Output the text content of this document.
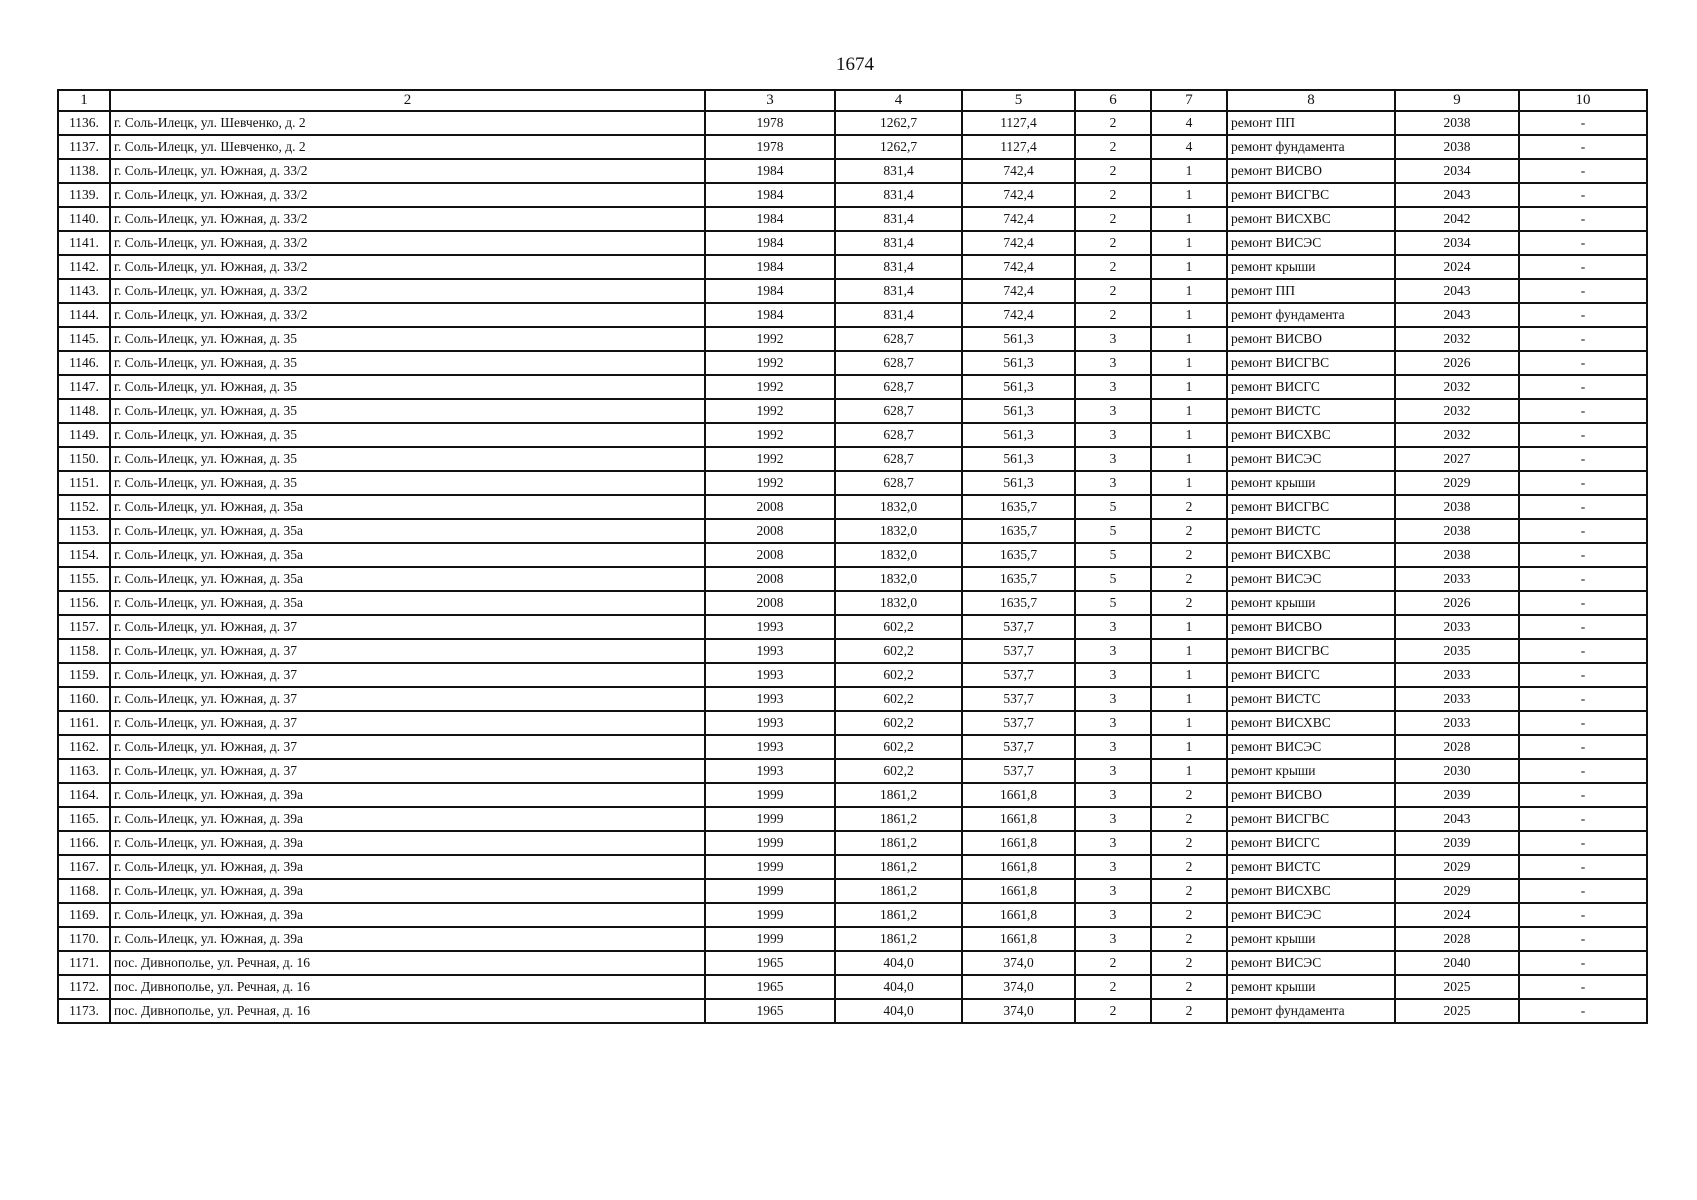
1674
1	2	3	4	5	6	7	8	9	10
1136.	г. Соль-Илецк, ул. Шевченко, д. 2	1978	1262,7	1127,4	2	4	ремонт ПП	2038	-
1137.	г. Соль-Илецк, ул. Шевченко, д. 2	1978	1262,7	1127,4	2	4	ремонт фундамента	2038	-
1138.	г. Соль-Илецк, ул. Южная, д. 33/2	1984	831,4	742,4	2	1	ремонт ВИСВО	2034	-
1139.	г. Соль-Илецк, ул. Южная, д. 33/2	1984	831,4	742,4	2	1	ремонт ВИСГВС	2043	-
1140.	г. Соль-Илецк, ул. Южная, д. 33/2	1984	831,4	742,4	2	1	ремонт ВИСХВС	2042	-
1141.	г. Соль-Илецк, ул. Южная, д. 33/2	1984	831,4	742,4	2	1	ремонт ВИСЭС	2034	-
1142.	г. Соль-Илецк, ул. Южная, д. 33/2	1984	831,4	742,4	2	1	ремонт крыши	2024	-
1143.	г. Соль-Илецк, ул. Южная, д. 33/2	1984	831,4	742,4	2	1	ремонт ПП	2043	-
1144.	г. Соль-Илецк, ул. Южная, д. 33/2	1984	831,4	742,4	2	1	ремонт фундамента	2043	-
1145.	г. Соль-Илецк, ул. Южная, д. 35	1992	628,7	561,3	3	1	ремонт ВИСВО	2032	-
1146.	г. Соль-Илецк, ул. Южная, д. 35	1992	628,7	561,3	3	1	ремонт ВИСГВС	2026	-
1147.	г. Соль-Илецк, ул. Южная, д. 35	1992	628,7	561,3	3	1	ремонт ВИСГС	2032	-
1148.	г. Соль-Илецк, ул. Южная, д. 35	1992	628,7	561,3	3	1	ремонт ВИСТС	2032	-
1149.	г. Соль-Илецк, ул. Южная, д. 35	1992	628,7	561,3	3	1	ремонт ВИСХВС	2032	-
1150.	г. Соль-Илецк, ул. Южная, д. 35	1992	628,7	561,3	3	1	ремонт ВИСЭС	2027	-
1151.	г. Соль-Илецк, ул. Южная, д. 35	1992	628,7	561,3	3	1	ремонт крыши	2029	-
1152.	г. Соль-Илецк, ул. Южная, д. 35а	2008	1832,0	1635,7	5	2	ремонт ВИСГВС	2038	-
1153.	г. Соль-Илецк, ул. Южная, д. 35а	2008	1832,0	1635,7	5	2	ремонт ВИСТС	2038	-
1154.	г. Соль-Илецк, ул. Южная, д. 35а	2008	1832,0	1635,7	5	2	ремонт ВИСХВС	2038	-
1155.	г. Соль-Илецк, ул. Южная, д. 35а	2008	1832,0	1635,7	5	2	ремонт ВИСЭС	2033	-
1156.	г. Соль-Илецк, ул. Южная, д. 35а	2008	1832,0	1635,7	5	2	ремонт крыши	2026	-
1157.	г. Соль-Илецк, ул. Южная, д. 37	1993	602,2	537,7	3	1	ремонт ВИСВО	2033	-
1158.	г. Соль-Илецк, ул. Южная, д. 37	1993	602,2	537,7	3	1	ремонт ВИСГВС	2035	-
1159.	г. Соль-Илецк, ул. Южная, д. 37	1993	602,2	537,7	3	1	ремонт ВИСГС	2033	-
1160.	г. Соль-Илецк, ул. Южная, д. 37	1993	602,2	537,7	3	1	ремонт ВИСТС	2033	-
1161.	г. Соль-Илецк, ул. Южная, д. 37	1993	602,2	537,7	3	1	ремонт ВИСХВС	2033	-
1162.	г. Соль-Илецк, ул. Южная, д. 37	1993	602,2	537,7	3	1	ремонт ВИСЭС	2028	-
1163.	г. Соль-Илецк, ул. Южная, д. 37	1993	602,2	537,7	3	1	ремонт крыши	2030	-
1164.	г. Соль-Илецк, ул. Южная, д. 39а	1999	1861,2	1661,8	3	2	ремонт ВИСВО	2039	-
1165.	г. Соль-Илецк, ул. Южная, д. 39а	1999	1861,2	1661,8	3	2	ремонт ВИСГВС	2043	-
1166.	г. Соль-Илецк, ул. Южная, д. 39а	1999	1861,2	1661,8	3	2	ремонт ВИСГС	2039	-
1167.	г. Соль-Илецк, ул. Южная, д. 39а	1999	1861,2	1661,8	3	2	ремонт ВИСТС	2029	-
1168.	г. Соль-Илецк, ул. Южная, д. 39а	1999	1861,2	1661,8	3	2	ремонт ВИСХВС	2029	-
1169.	г. Соль-Илецк, ул. Южная, д. 39а	1999	1861,2	1661,8	3	2	ремонт ВИСЭС	2024	-
1170.	г. Соль-Илецк, ул. Южная, д. 39а	1999	1861,2	1661,8	3	2	ремонт крыши	2028	-
1171.	пос. Дивнополье, ул. Речная, д. 16	1965	404,0	374,0	2	2	ремонт ВИСЭС	2040	-
1172.	пос. Дивнополье, ул. Речная, д. 16	1965	404,0	374,0	2	2	ремонт крыши	2025	-
1173.	пос. Дивнополье, ул. Речная, д. 16	1965	404,0	374,0	2	2	ремонт фундамента	2025	-
